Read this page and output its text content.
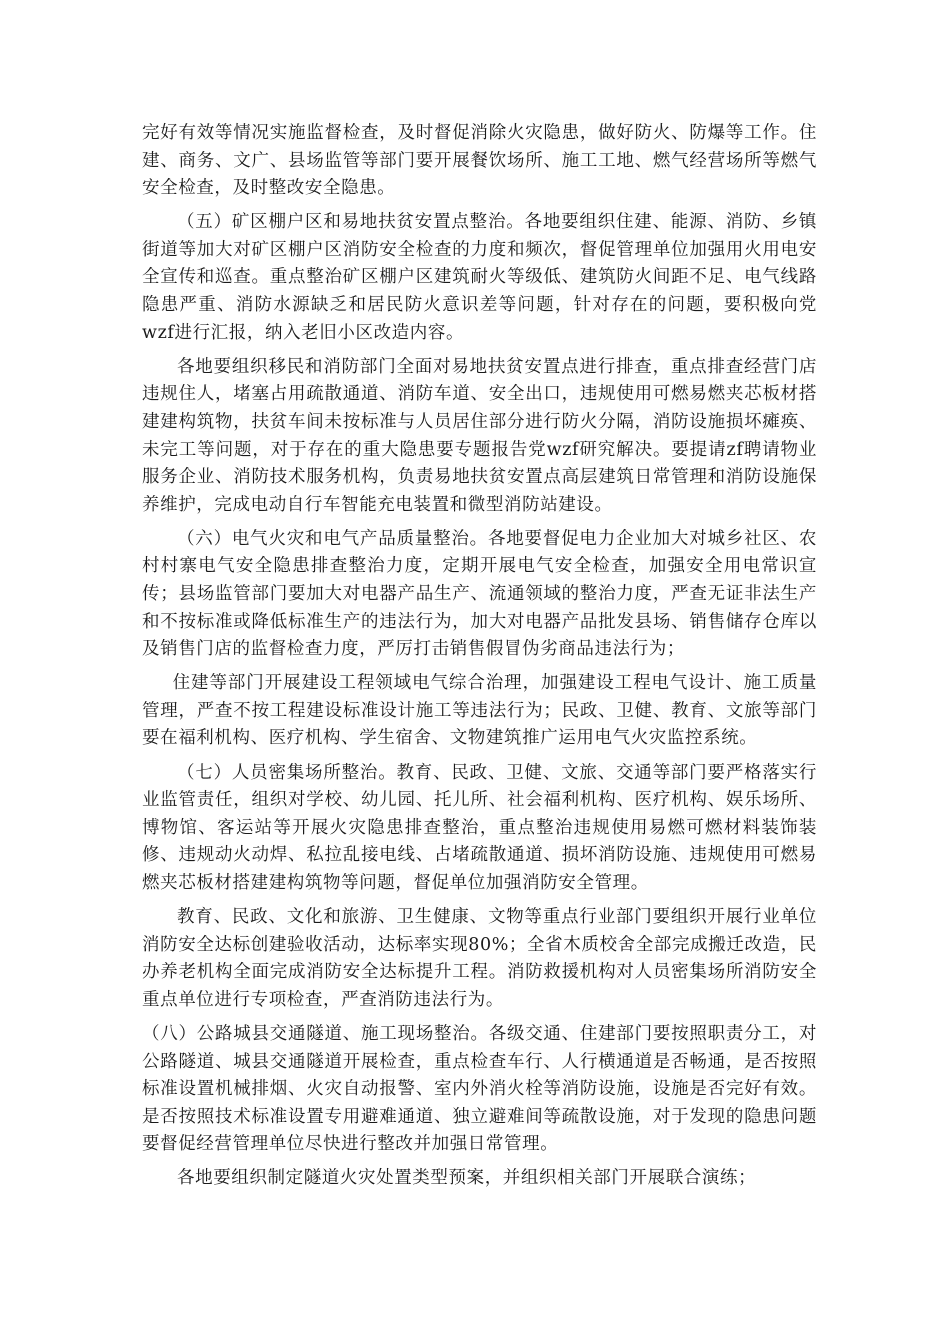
完好有效等情况实施监督检查，及时督促消除火灾隐患，做好防火、防爆等工作。住建、商务、文广、县场监管等部门要开展餐饮场所、施工工地、燃气经营场所等燃气安全检查，及时整改安全隐患。

（五）矿区棚户区和易地扶贫安置点整治。各地要组织住建、能源、消防、乡镇街道等加大对矿区棚户区消防安全检查的力度和频次，督促管理单位加强用火用电安全宣传和巡查。重点整治矿区棚户区建筑耐火等级低、建筑防火间距不足、电气线路隐患严重、消防水源缺乏和居民防火意识差等问题，针对存在的问题，要积极向党wzf进行汇报，纳入老旧小区改造内容。

各地要组织移民和消防部门全面对易地扶贫安置点进行排查，重点排查经营门店违规住人，堵塞占用疏散通道、消防车道、安全出口，违规使用可燃易燃夹芯板材搭建建构筑物，扶贫车间未按标准与人员居住部分进行防火分隔，消防设施损坏瘫痪、未完工等问题，对于存在的重大隐患要专题报告党wzf研究解决。要提请zf聘请物业服务企业、消防技术服务机构，负责易地扶贫安置点高层建筑日常管理和消防设施保养维护，完成电动自行车智能充电装置和微型消防站建设。

（六）电气火灾和电气产品质量整治。各地要督促电力企业加大对城乡社区、农村村寨电气安全隐患排查整治力度，定期开展电气安全检查，加强安全用电常识宣传；县场监管部门要加大对电器产品生产、流通领域的整治力度，严查无证非法生产和不按标准或降低标准生产的违法行为，加大对电器产品批发县场、销售储存仓库以及销售门店的监督检查力度，严厉打击销售假冒伪劣商品违法行为；

住建等部门开展建设工程领域电气综合治理，加强建设工程电气设计、施工质量管理，严查不按工程建设标准设计施工等违法行为；民政、卫健、教育、文旅等部门要在福利机构、医疗机构、学生宿舍、文物建筑推广运用电气火灾监控系统。

（七）人员密集场所整治。教育、民政、卫健、文旅、交通等部门要严格落实行业监管责任，组织对学校、幼儿园、托儿所、社会福利机构、医疗机构、娱乐场所、博物馆、客运站等开展火灾隐患排查整治，重点整治违规使用易燃可燃材料装饰装修、违规动火动焊、私拉乱接电线、占堵疏散通道、损坏消防设施、违规使用可燃易燃夹芯板材搭建建构筑物等问题，督促单位加强消防安全管理。

教育、民政、文化和旅游、卫生健康、文物等重点行业部门要组织开展行业单位消防安全达标创建验收活动，达标率实现80%；全省木质校舍全部完成搬迁改造，民办养老机构全面完成消防安全达标提升工程。消防救援机构对人员密集场所消防安全重点单位进行专项检查，严查消防违法行为。

（八）公路城县交通隧道、施工现场整治。各级交通、住建部门要按照职责分工，对公路隧道、城县交通隧道开展检查，重点检查车行、人行横通道是否畅通，是否按照标准设置机械排烟、火灾自动报警、室内外消火栓等消防设施，设施是否完好有效。是否按照技术标准设置专用避难通道、独立避难间等疏散设施，对于发现的隐患问题要督促经营管理单位尽快进行整改并加强日常管理。

各地要组织制定隧道火灾处置类型预案，并组织相关部门开展联合演练；
